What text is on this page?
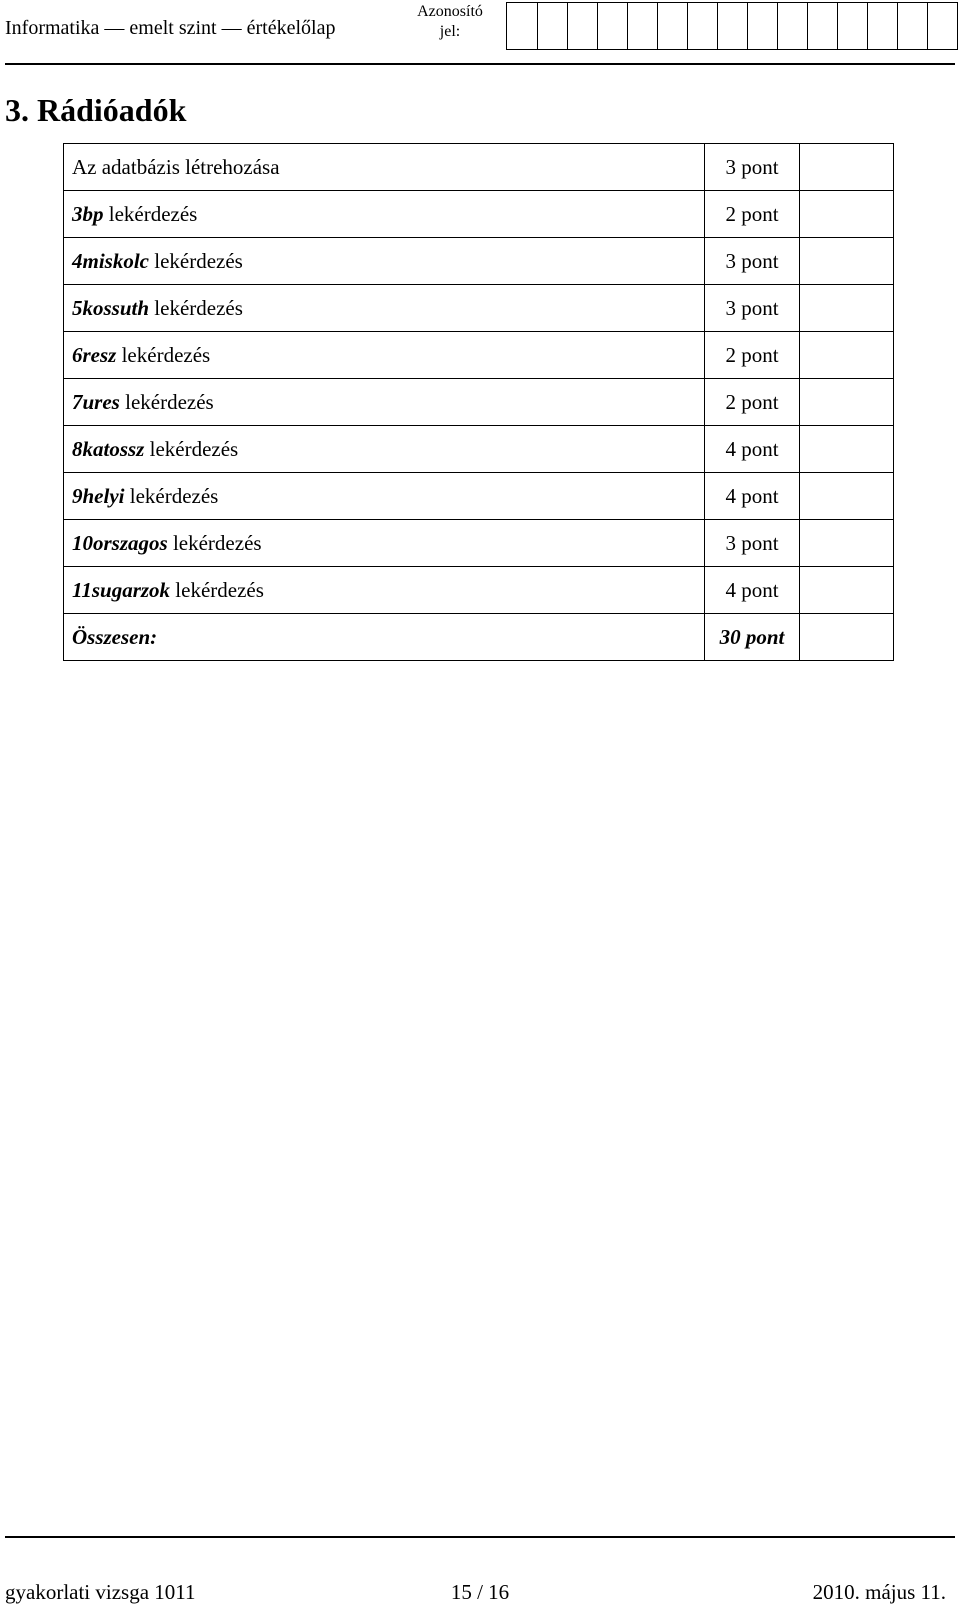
Informatika — emelt szint — értékelőlap
Azonosító
jel:
3. Rádióadók
Az adatbázis létrehozása	3 pont	
3bp lekérdezés	2 pont	
4miskolc lekérdezés	3 pont	
5kossuth lekérdezés	3 pont	
6resz lekérdezés	2 pont	
7ures lekérdezés	2 pont	
8katossz lekérdezés	4 pont	
9helyi lekérdezés	4 pont	
10orszagos lekérdezés	3 pont	
11sugarzok lekérdezés	4 pont	
Összesen:	30 pont	
gyakorlati vizsga 1011	15 / 16	2010. május 11.
